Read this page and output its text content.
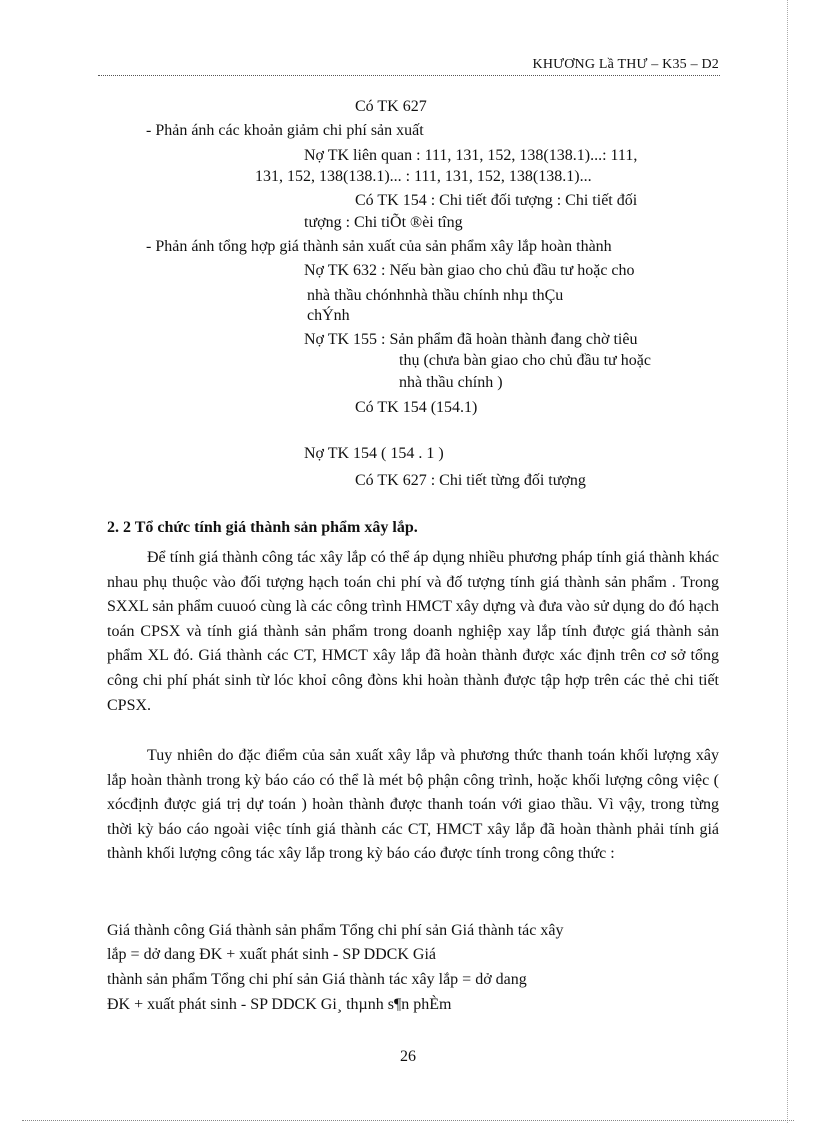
KHƯƠNG Lầ THƯ – K35 – D2
Có TK 627
- Phản ánh các khoản giảm chi phí sản xuất
Nợ TK liên quan : 111, 131, 152, 138(138.1)...: 111,
131, 152, 138(138.1)... : 111, 131, 152, 138(138.1)...
Có TK 154 : Chi tiết đối tượng : Chi tiết đối
tượng : Chi tiÕt ®èi tîng
- Phản ánh tổng hợp giá thành sản xuất của sản phẩm xây lắp hoàn thành
Nợ TK 632 : Nếu bàn giao cho chủ đầu tư hoặc cho
nhà thầu chónhnhà thầu chính nhµ thÇu
chÝnh
Nợ TK 155 : Sản phẩm đã hoàn thành đang chờ tiêu
thụ (chưa bàn giao cho chủ đầu tư hoặc
nhà thầu chính )
Có TK 154 (154.1)
Nợ TK 154 ( 154 . 1 )
Có TK 627 : Chi tiết từng đối tượng
2. 2 Tổ chức tính giá thành sản phẩm xây lắp.
Để tính giá thành công tác xây lắp có thể áp dụng nhiều phương pháp tính giá thành khác nhau phụ thuộc vào đối tượng hạch toán chi phí và đố tượng tính giá thành sản phẩm . Trong SXXL sản phẩm cuuoó cùng là các công trình HMCT xây dựng và đưa vào sử dụng do đó hạch toán CPSX và tính giá thành sản phẩm trong doanh nghiệp xay lắp tính được giá thành sản phẩm XL đó. Giá thành các CT, HMCT xây lắp đã hoàn thành được xác định trên cơ sở tổng công chi phí phát sinh từ lóc khoỉ công đòns khi hoàn thành được tập hợp trên các thẻ chi tiết CPSX.
Tuy nhiên do đặc điểm của sản xuất xây lắp và phương thức thanh toán khối lượng xây lắp hoàn thành trong kỳ báo cáo có thể là mét bộ phận công trình, hoặc khối lượng công việc ( xócđịnh được giá trị dự toán ) hoàn thành được thanh toán với giao thầu. Vì vậy, trong từng thời kỳ báo cáo ngoài việc tính giá thành các CT, HMCT xây lắp đã hoàn thành phải tính giá thành khối lượng công tác xây lắp trong kỳ báo cáo được tính trong công thức :
Giá thành công Giá thành sản phẩm Tổng chi phí sản Giá thành tác xây
lắp = dở dang ĐK + xuất phát sinh - SP DDCK Giá
thành sản phẩm Tổng chi phí sản Giá thành tác xây lắp = dở dang
ĐK + xuất phát sinh - SP DDCK Gi¸ thµnh s¶n phÈm
26
